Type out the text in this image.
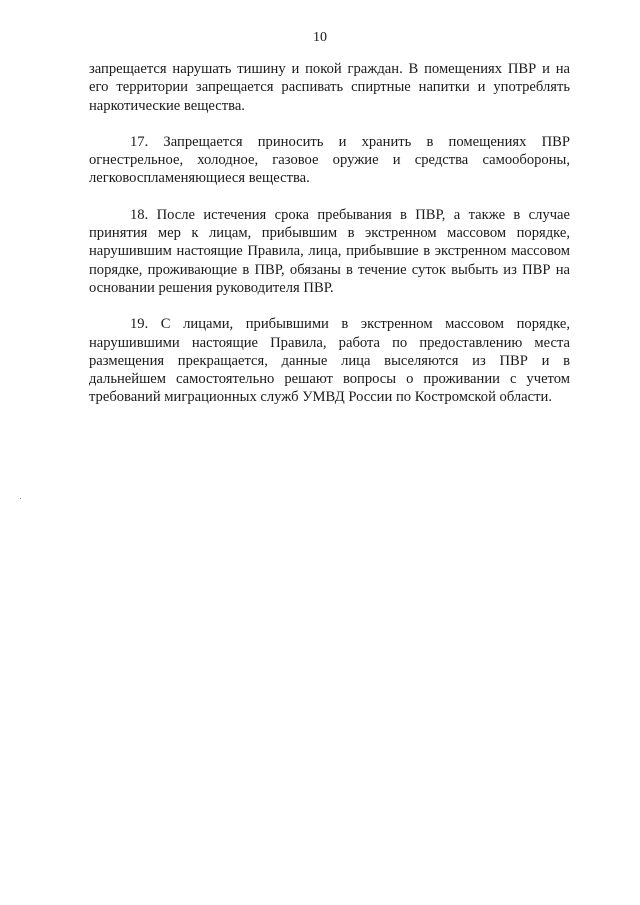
10

запрещается нарушать тишину и покой граждан. В помещениях ПВР и на его территории запрещается распивать спиртные напитки и употреблять наркотические вещества.

17. Запрещается приносить и хранить в помещениях ПВР огнестрельное, холодное, газовое оружие и средства самообороны, легковоспламеняющиеся вещества.

18. После истечения срока пребывания в ПВР, а также в случае принятия мер к лицам, прибывшим в экстренном массовом порядке, нарушившим настоящие Правила, лица, прибывшие в экстренном массовом порядке, проживающие в ПВР, обязаны в течение суток выбыть из ПВР на основании решения руководителя ПВР.

19. С лицами, прибывшими в экстренном массовом порядке, нарушившими настоящие Правила, работа по предоставлению места размещения прекращается, данные лица выселяются из ПВР и в дальнейшем самостоятельно решают вопросы о проживании с учетом требований миграционных служб УМВД России по Костромской области.
